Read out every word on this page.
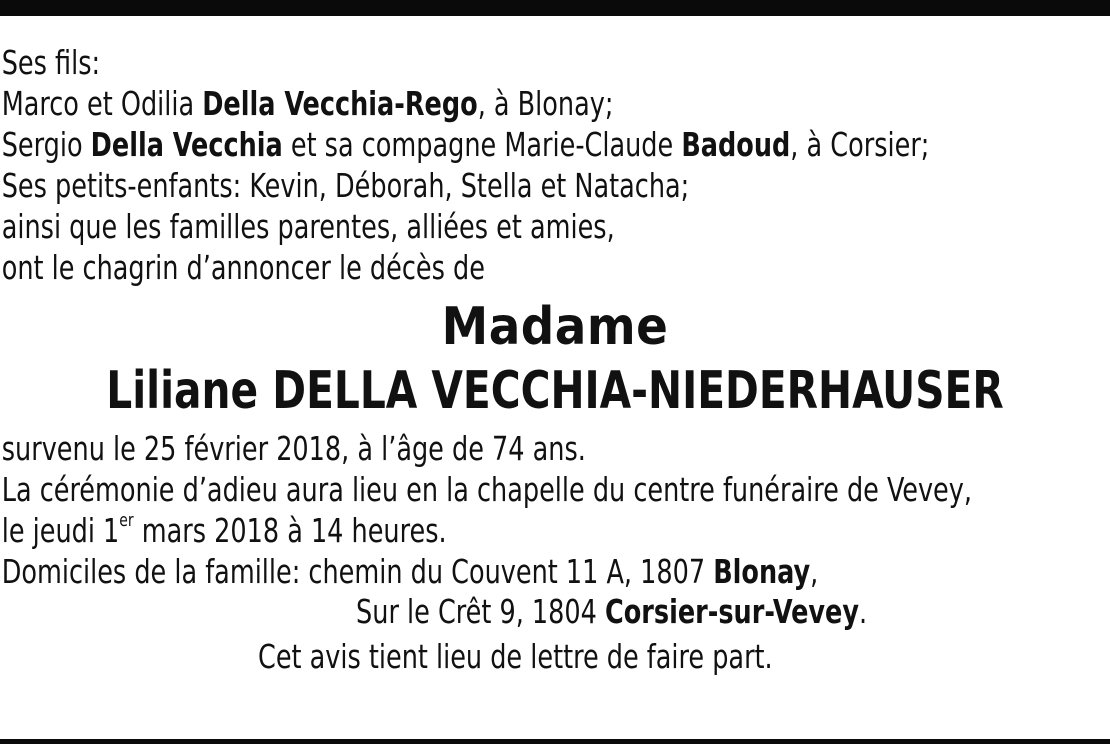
Ses fils:
Marco et Odilia Della Vecchia-Rego, à Blonay;
Sergio Della Vecchia et sa compagne Marie-Claude Badoud, à Corsier;
Ses petits-enfants: Kevin, Déborah, Stella et Natacha;
ainsi que les familles parentes, alliées et amies,
ont le chagrin d’annoncer le décès de
Madame
Liliane DELLA VECCHIA-NIEDERHAUSER
survenu le 25 février 2018, à l’âge de 74 ans.
La cérémonie d’adieu aura lieu en la chapelle du centre funéraire de Vevey,
le jeudi 1er mars 2018 à 14 heures.
Domiciles de la famille: chemin du Couvent 11 A, 1807 Blonay,
Sur le Crêt 9, 1804 Corsier-sur-Vevey.
Cet avis tient lieu de lettre de faire part.
